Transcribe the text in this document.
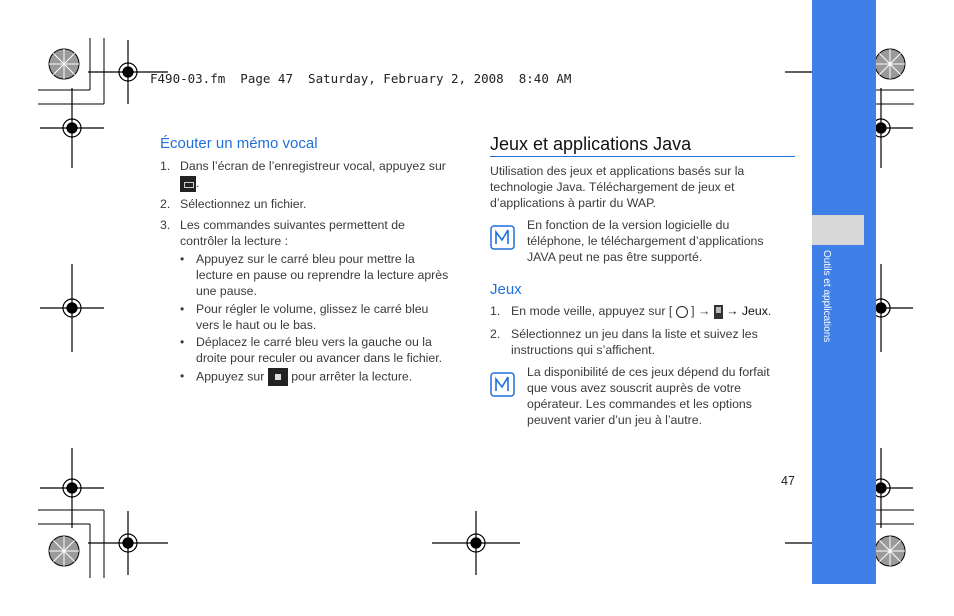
Outils et applications
F490-03.fm  Page 47  Saturday, February 2, 2008  8:40 AM
Écouter un mémo vocal
1. Dans l’écran de l’enregistreur vocal, appuyez sur
.
2. Sélectionnez un fichier.
3. Les commandes suivantes permettent de
contrôler la lecture :
• Appuyez sur le carré bleu pour mettre la
lecture en pause ou reprendre la lecture après
une pause.
• Pour régler le volume, glissez le carré bleu
vers le haut ou le bas.
• Déplacez le carré bleu vers la gauche ou la
droite pour reculer ou avancer dans le fichier.
• Appuyez sur pour arrêter la lecture.
Jeux et applications Java
Utilisation des jeux et applications basés sur la
technologie Java. Téléchargement de jeux et
d’applications à partir du WAP.
En fonction de la version logicielle du
téléphone, le téléchargement d’applications
JAVA peut ne pas être supporté.
Jeux
1. En mode veille, appuyez sur [ ] → → Jeux.
2. Sélectionnez un jeu dans la liste et suivez les
instructions qui s’affichent.
La disponibilité de ces jeux dépend du forfait
que vous avez souscrit auprès de votre
opérateur. Les commandes et les options
peuvent varier d’un jeu à l’autre.
47
